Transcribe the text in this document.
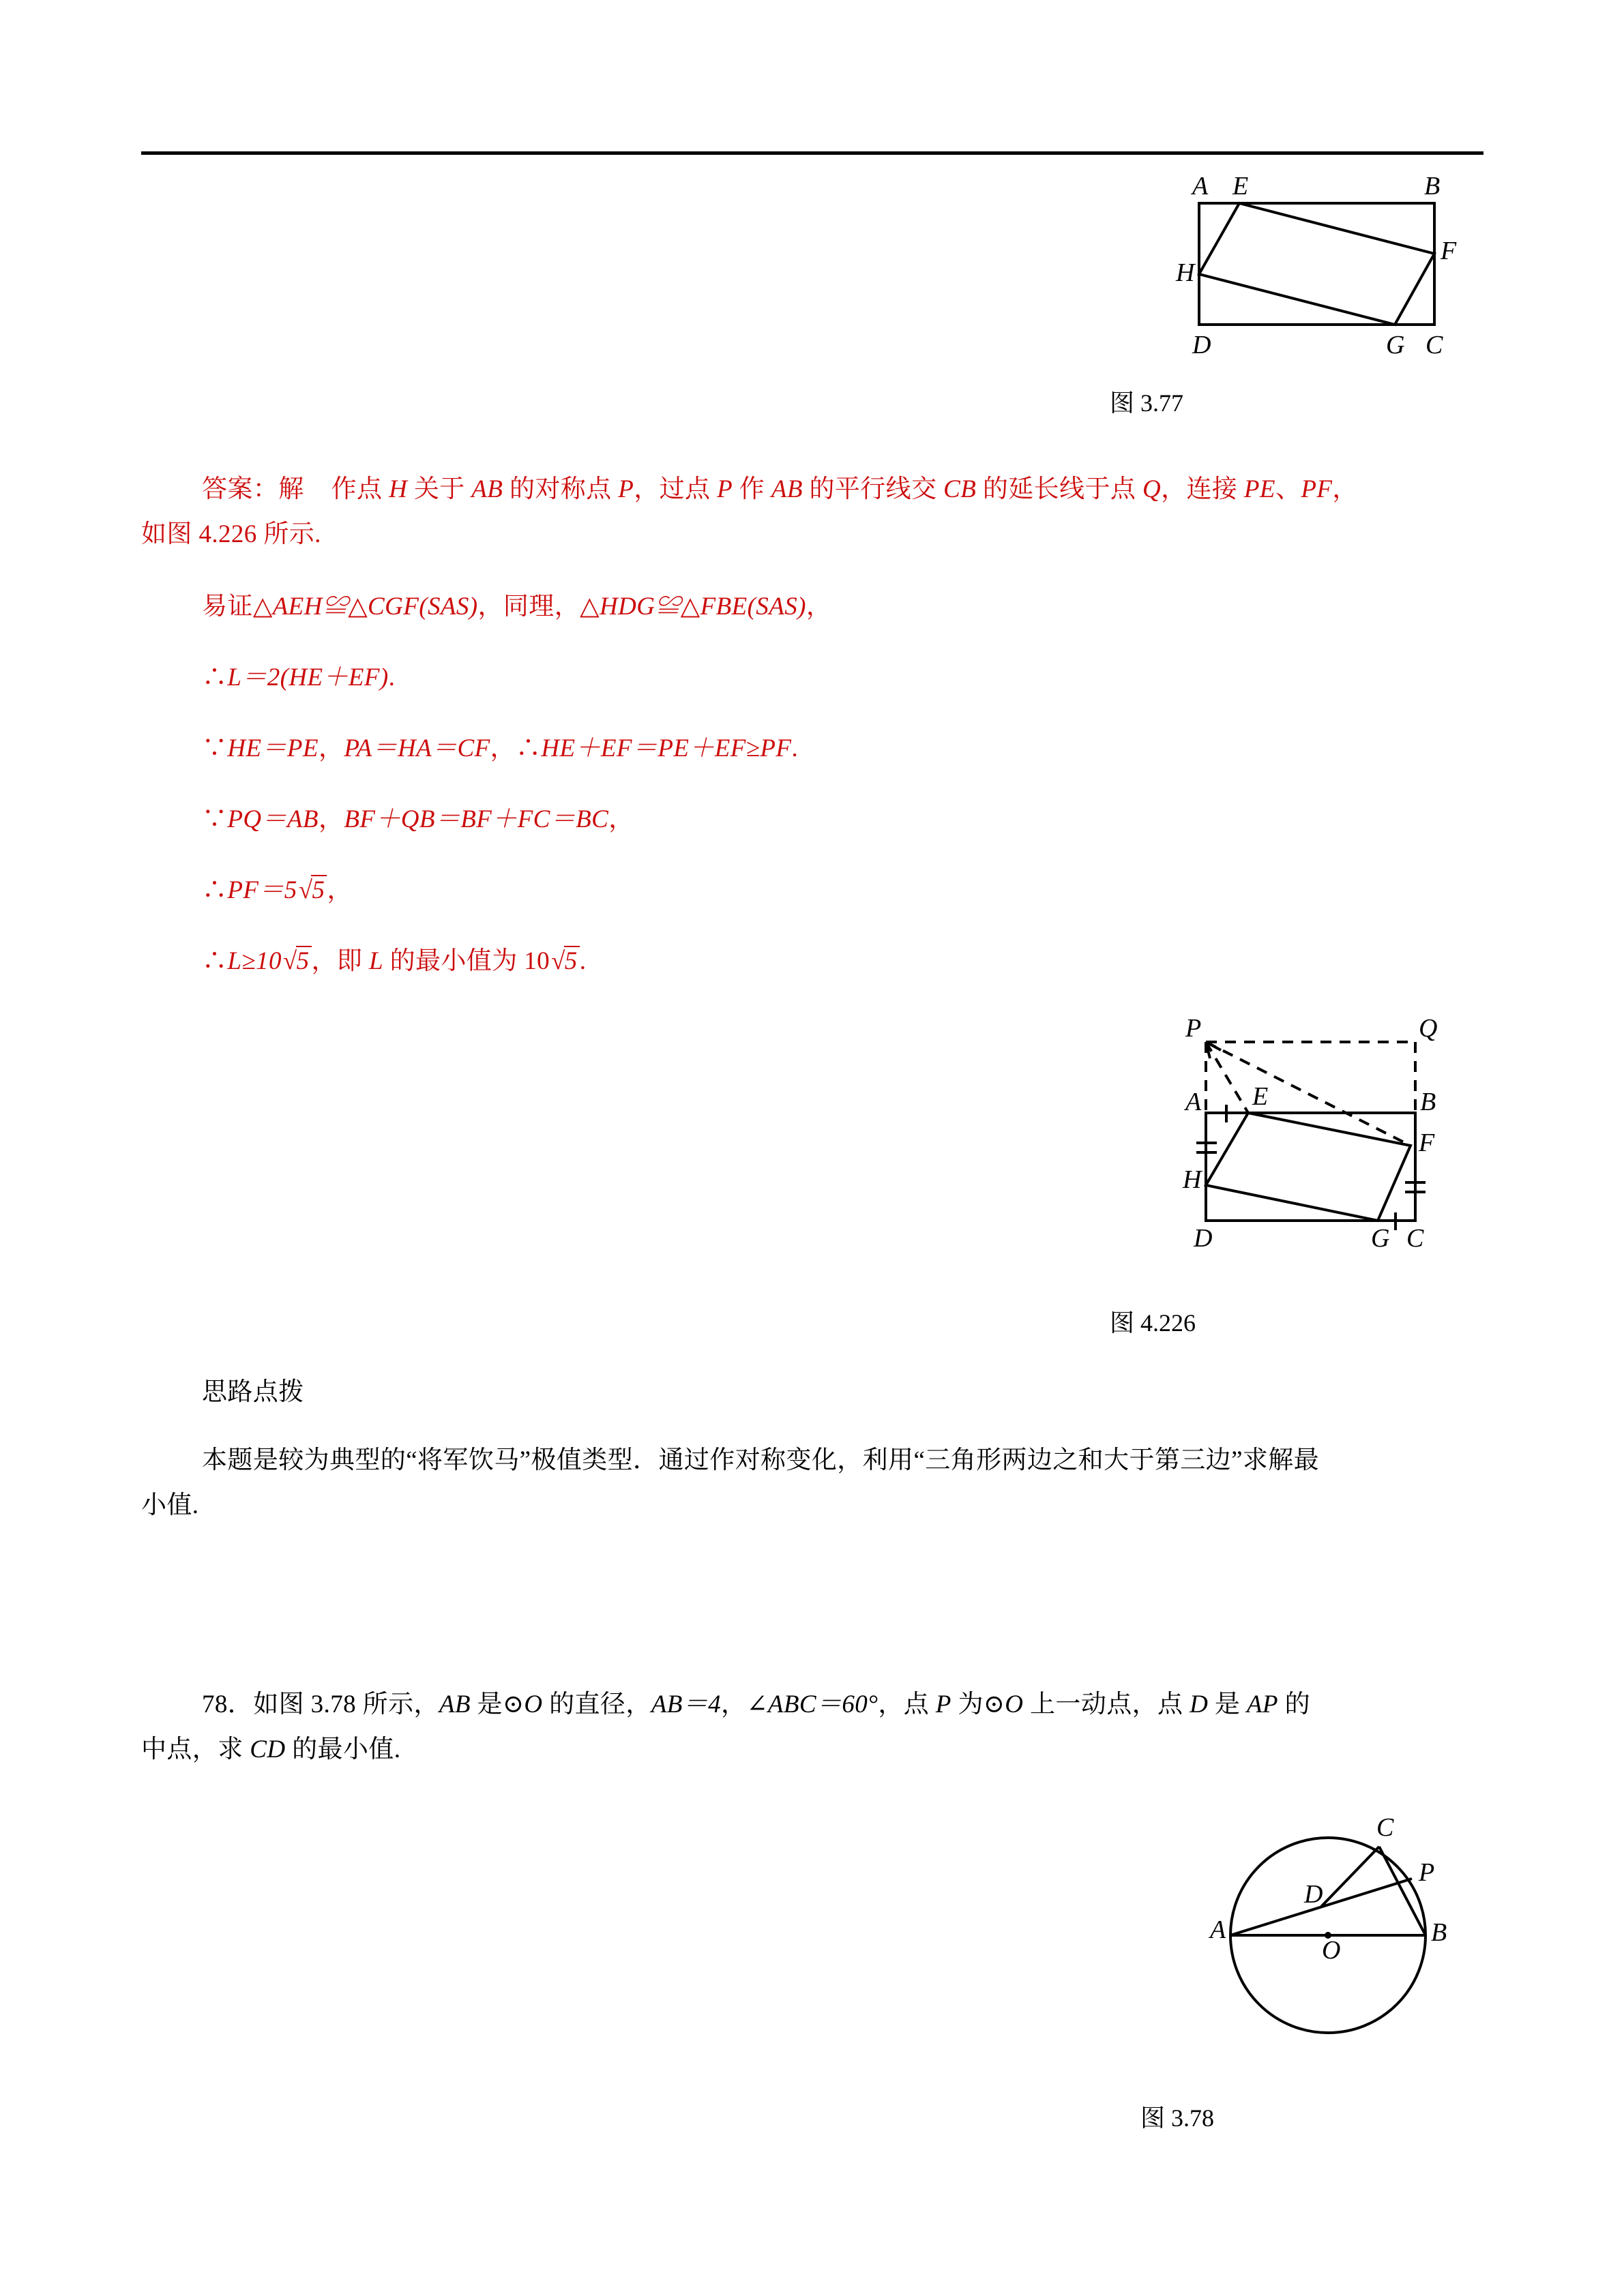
A E	B
F
H
D	G C
图 3.77
答案：解 作点 H 关于 AB 的对称点 P，过点 P 作 AB 的平行线交 CB 的延长线于点 Q，连接 PE、PF，
如图 4.226 所示.
易证△AEH≌△CGF(SAS)，同理，△HDG≌△FBE(SAS)，
∴L＝2(HE＋EF).
∵HE＝PE，PA＝HA＝CF，∴HE＋EF＝PE＋EF≥PF.
∵PQ＝AB，BF＋QB＝BF＋FC＝BC，
∴PF＝5√5，
∴L≥10√5，即 L 的最小值为 10√5.
P	Q
A E	B
F
H
D	G C
图 4.226
思路点拨
本题是较为典型的“将军饮马”极值类型．通过作对称变化，利用“三角形两边之和大于第三边”求解最
小值.
78．如图 3.78 所示，AB 是⊙O 的直径，AB＝4，∠ABC＝60°，点 P 为⊙O 上一动点，点 D 是 AP 的
中点，求 CD 的最小值.
C
P
D
A	B
O
图 3.78
